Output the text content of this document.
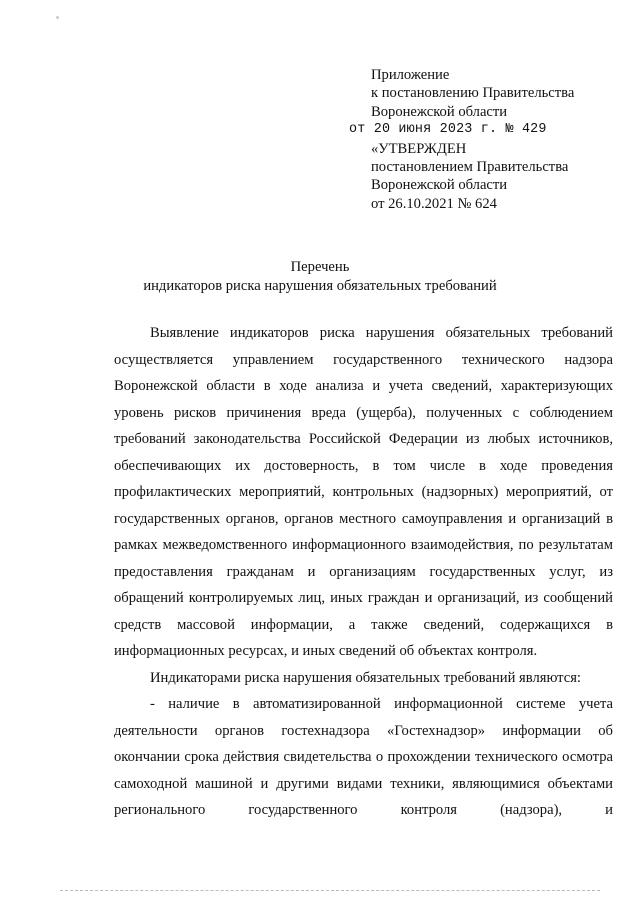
Приложение
к постановлению Правительства
Воронежской области
от 20 июня 2023 г. № 429
«УТВЕРЖДЕН
постановлением Правительства
Воронежской области
от 26.10.2021 № 624
Перечень
индикаторов риска нарушения обязательных требований

Выявление индикаторов риска нарушения обязательных требований осуществляется управлением государственного технического надзора Воронежской области в ходе анализа и учета сведений, характеризующих уровень рисков причинения вреда (ущерба), полученных с соблюдением требований законодательства Российской Федерации из любых источников, обеспечивающих их достоверность, в том числе в ходе проведения профилактических мероприятий, контрольных (надзорных) мероприятий, от государственных органов, органов местного самоуправления и организаций в рамках межведомственного информационного взаимодействия, по результатам предоставления гражданам и организациям государственных услуг, из обращений контролируемых лиц, иных граждан и организаций, из сообщений средств массовой информации, а также сведений, содержащихся в информационных ресурсах, и иных сведений об объектах контроля.

Индикаторами риска нарушения обязательных требований являются:

- наличие в автоматизированной информационной системе учета деятельности органов гостехнадзора «Гостехнадзор» информации об окончании срока действия свидетельства о прохождении технического осмотра самоходной машиной и другими видами техники, являющимися объектами регионального государственного контроля (надзора), и
